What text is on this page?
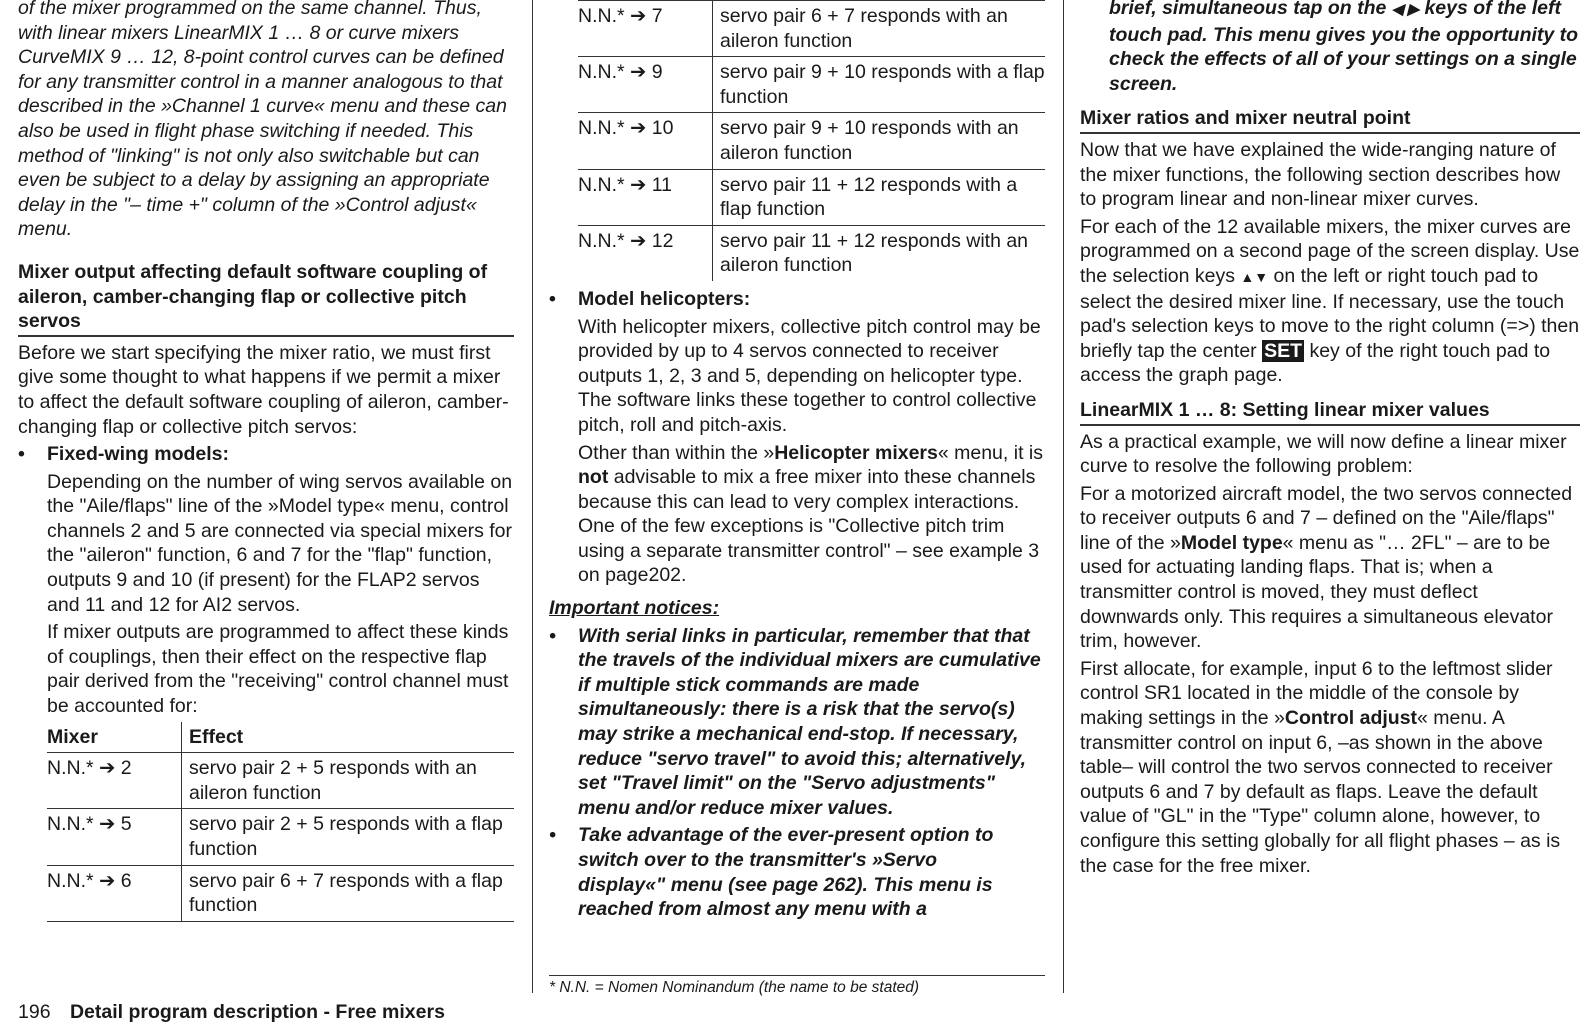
of the mixer programmed on the same channel. Thus, with linear mixers LinearMIX 1 … 8 or curve mixers CurveMIX 9 … 12, 8-point control curves can be defined for any transmitter control in a manner analogous to that described in the »Channel 1 curve« menu and these can also be used in flight phase switching if needed. This method of "linking" is not only also switchable but can even be subject to a delay by assigning an appropriate delay in the "– time +" column of the »Control adjust« menu.

Mixer output affecting default software coupling of aileron, camber-changing flap or collective pitch servos

Before we start specifying the mixer ratio, we must first give some thought to what happens if we permit a mixer to affect the default software coupling of aileron, camber-changing flap or collective pitch servos:

• Fixed-wing models:

Depending on the number of wing servos available on the "Aile/flaps" line of the »Model type« menu, control channels 2 and 5 are connected via special mixers for the "aileron" function, 6 and 7 for the "flap" function, outputs 9 and 10 (if present) for the FLAP2 servos and 11 and 12 for AI2 servos.

If mixer outputs are programmed to affect these kinds of couplings, then their effect on the respective flap pair derived from the "receiving" control channel must be accounted for:

Mixer	Effect
N.N.* ➔ 2	servo pair 2 + 5 responds with an aileron function
N.N.* ➔ 5	servo pair 2 + 5 responds with a flap function
N.N.* ➔ 6	servo pair 6 + 7 responds with a flap function
N.N.* ➔ 7	servo pair 6 + 7 responds with an aileron function
N.N.* ➔ 9	servo pair 9 + 10 responds with a flap function
N.N.* ➔ 10	servo pair 9 + 10 responds with an aileron function
N.N.* ➔ 11	servo pair 11 + 12 responds with a flap function
N.N.* ➔ 12	servo pair 11 + 12 responds with an aileron function
• Model helicopters:

With helicopter mixers, collective pitch control may be provided by up to 4 servos connected to receiver outputs 1, 2, 3 and 5, depending on helicopter type. The software links these together to control collective pitch, roll and pitch-axis.

Other than within the »Helicopter mixers« menu, it is not advisable to mix a free mixer into these channels because this can lead to very complex interactions. One of the few exceptions is "Collective pitch trim using a separate transmitter control" – see example 3 on page202.

Important notices:

• With serial links in particular, remember that that the travels of the individual mixers are cumulative if multiple stick commands are made simultaneously: there is a risk that the servo(s) may strike a mechanical end-stop. If necessary, reduce "servo travel" to avoid this; alternatively, set "Travel limit" on the "Servo adjustments" menu and/or reduce mixer values.
• Take advantage of the ever-present option to switch over to the transmitter's »Servo display«" menu (see page 262). This menu is reached from almost any menu with a
* N.N. = Nomen Nominandum (the name to be stated)

brief, simultaneous tap on the ◀ ▶ keys of the left touch pad. This menu gives you the opportunity to check the effects of all of your settings on a single screen.

Mixer ratios and mixer neutral point

Now that we have explained the wide-ranging nature of the mixer functions, the following section describes how to program linear and non-linear mixer curves.

For each of the 12 available mixers, the mixer curves are programmed on a second page of the screen display. Use the selection keys ▲▼ on the left or right touch pad to select the desired mixer line. If necessary, use the touch pad's selection keys to move to the right column (=>) then briefly tap the center SET key of the right touch pad to access the graph page.

LinearMIX 1 … 8: Setting linear mixer values

As a practical example, we will now define a linear mixer curve to resolve the following problem:

For a motorized aircraft model, the two servos connected to receiver outputs 6 and 7 – defined on the "Aile/flaps" line of the »Model type« menu as "… 2FL" – are to be used for actuating landing flaps. That is; when a transmitter control is moved, they must deflect downwards only. This requires a simultaneous elevator trim, however.

First allocate, for example, input 6 to the leftmost slider control SR1 located in the middle of the console by making settings in the »Control adjust« menu. A transmitter control on input 6, –as shown in the above table– will control the two servos connected to receiver outputs 6 and 7 by default as flaps. Leave the default value of "GL" in the "Type" column alone, however, to configure this setting globally for all flight phases – as is the case for the free mixer.

196 Detail program description - Free mixers
